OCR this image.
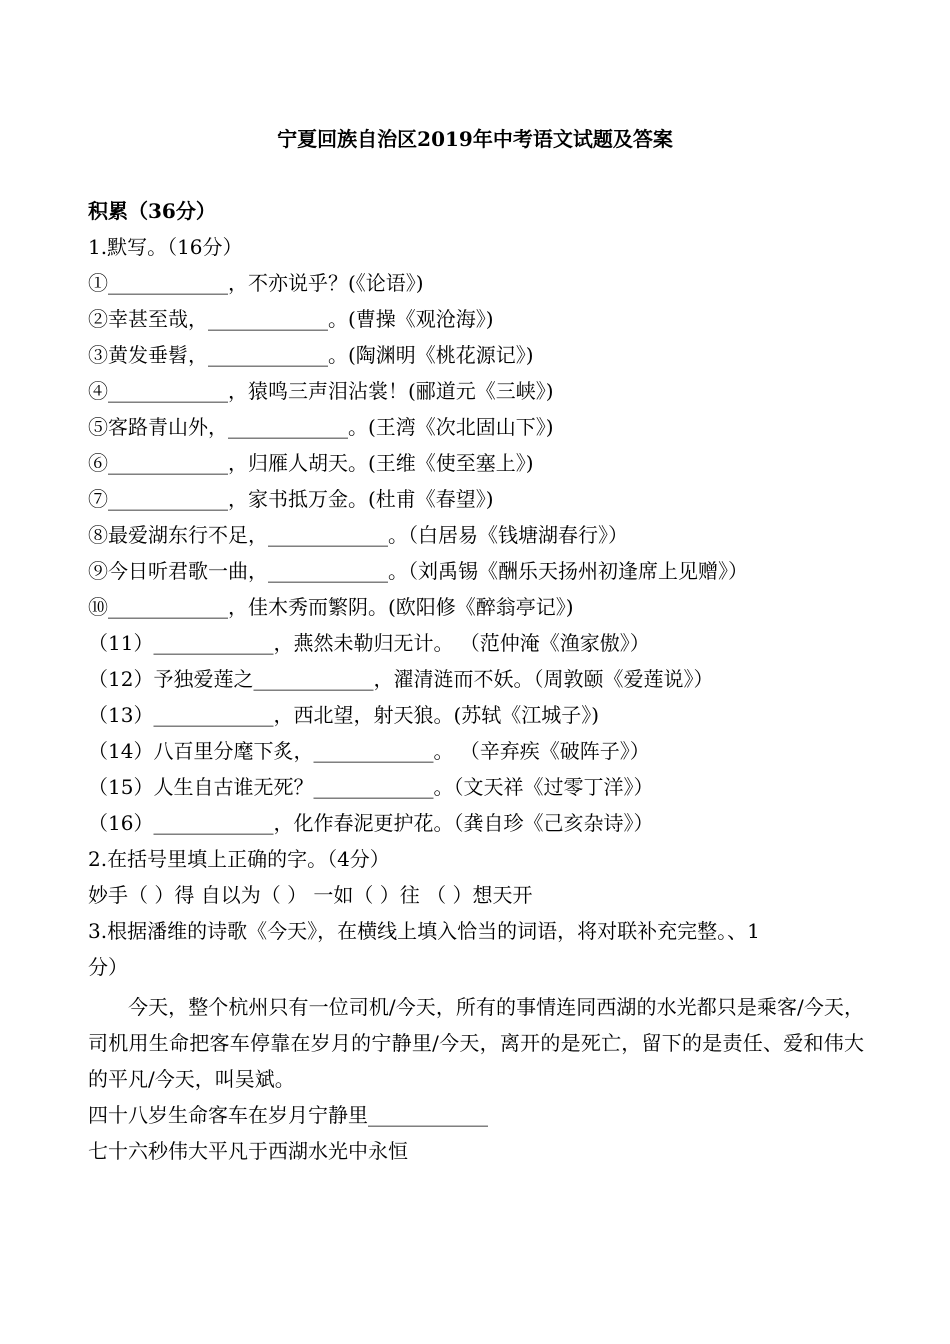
宁夏回族自治区2019年中考语文试题及答案
积累（36分）
1.默写。（16分）
①____________，不亦说乎？(《论语》)
②幸甚至哉，____________。(曹操《观沧海》)
③黄发垂髫，____________。(陶渊明《桃花源记》)
④____________，猿鸣三声泪沾裳！(郦道元《三峡》)
⑤客路青山外，____________。(王湾《次北固山下》)
⑥____________，归雁人胡天。(王维《使至塞上》)
⑦____________，家书抵万金。(杜甫《春望》)
⑧最爱湖东行不足，____________。（白居易《钱塘湖春行》）
⑨今日听君歌一曲，____________。（刘禹锡《酬乐天扬州初逢席上见赠》）
⑩____________，佳木秀而繁阴。(欧阳修《醉翁亭记》)
（11）____________，燕然未勒归无计。 （范仲淹《渔家傲》）
（12）予独爱莲之____________，濯清涟而不妖。（周敦颐《爱莲说》）
（13）____________，西北望，射天狼。(苏轼《江城子》)
（14）八百里分麾下炙，____________。 （辛弃疾《破阵子》）
（15）人生自古谁无死？____________。（文天祥《过零丁洋》）
（16）____________，化作春泥更护花。（龚自珍《己亥杂诗》）
2.在括号里填上正确的字。（4分）
妙手（ ）得 自以为（ ） 一如（ ）往 （ ）想天开
3.根据潘维的诗歌《今天》，在横线上填入恰当的词语，将对联补充完整。、1
分）
今天，整个杭州只有一位司机/今天，所有的事情连同西湖的水光都只是乘客/今天，司机用生命把客车停靠在岁月的宁静里/今天，离开的是死亡，留下的是责任、爱和伟大的平凡/今天，叫吴斌。
四十八岁生命客车在岁月宁静里____________
七十六秒伟大平凡于西湖水光中永恒
